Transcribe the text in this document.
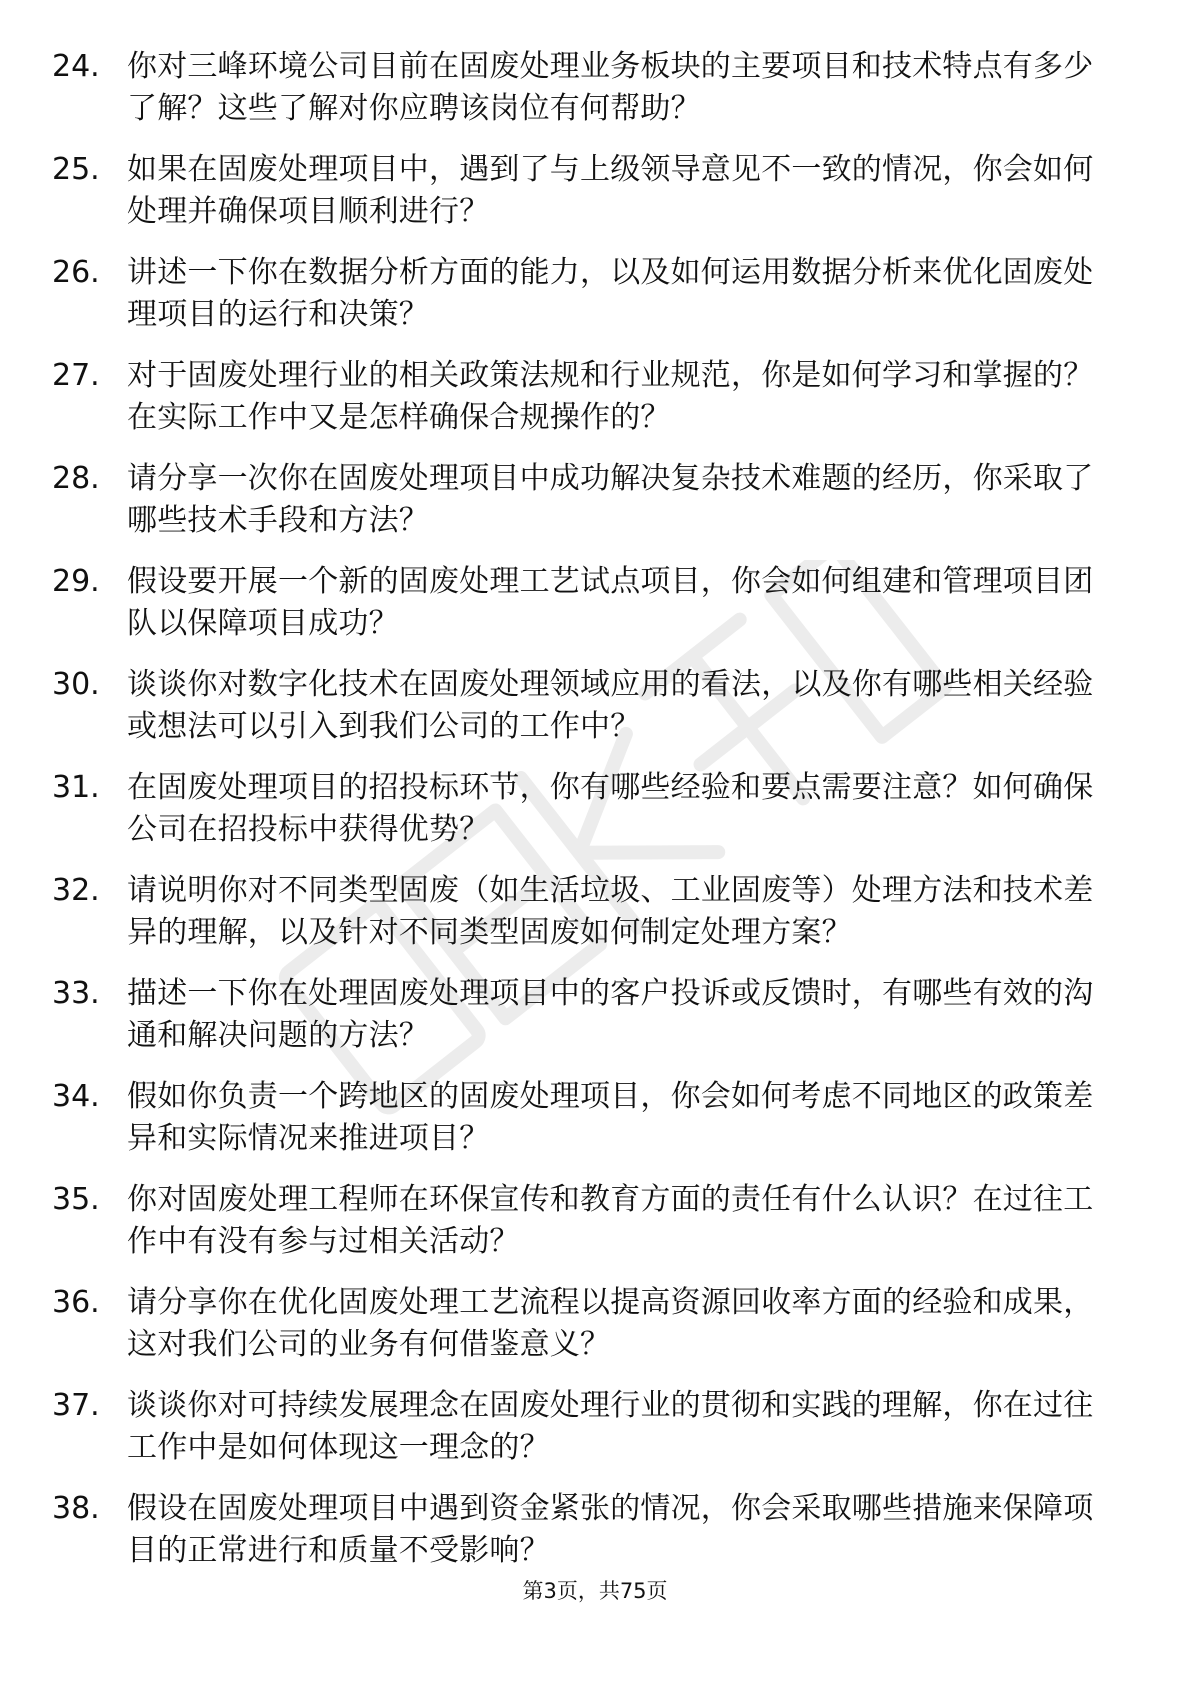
24. 你对三峰环境公司目前在固废处理业务板块的主要项目和技术特点有多少了解？这些了解对你应聘该岗位有何帮助？
25. 如果在固废处理项目中，遇到了与上级领导意见不一致的情况，你会如何处理并确保项目顺利进行？
26. 讲述一下你在数据分析方面的能力，以及如何运用数据分析来优化固废处理项目的运行和决策？
27. 对于固废处理行业的相关政策法规和行业规范，你是如何学习和掌握的？在实际工作中又是怎样确保合规操作的？
28. 请分享一次你在固废处理项目中成功解决复杂技术难题的经历，你采取了哪些技术手段和方法？
29. 假设要开展一个新的固废处理工艺试点项目，你会如何组建和管理项目团队以保障项目成功？
30. 谈谈你对数字化技术在固废处理领域应用的看法，以及你有哪些相关经验或想法可以引入到我们公司的工作中？
31. 在固废处理项目的招投标环节，你有哪些经验和要点需要注意？如何确保公司在招投标中获得优势？
32. 请说明你对不同类型固废（如生活垃圾、工业固废等）处理方法和技术差异的理解，以及针对不同类型固废如何制定处理方案？
33. 描述一下你在处理固废处理项目中的客户投诉或反馈时，有哪些有效的沟通和解决问题的方法？
34. 假如你负责一个跨地区的固废处理项目，你会如何考虑不同地区的政策差异和实际情况来推进项目？
35. 你对固废处理工程师在环保宣传和教育方面的责任有什么认识？在过往工作中有没有参与过相关活动？
36. 请分享你在优化固废处理工艺流程以提高资源回收率方面的经验和成果，这对我们公司的业务有何借鉴意义？
37. 谈谈你对可持续发展理念在固废处理行业的贯彻和实践的理解，你在过往工作中是如何体现这一理念的？
38. 假设在固废处理项目中遇到资金紧张的情况，你会采取哪些措施来保障项目的正常进行和质量不受影响？
第3页，共75页
